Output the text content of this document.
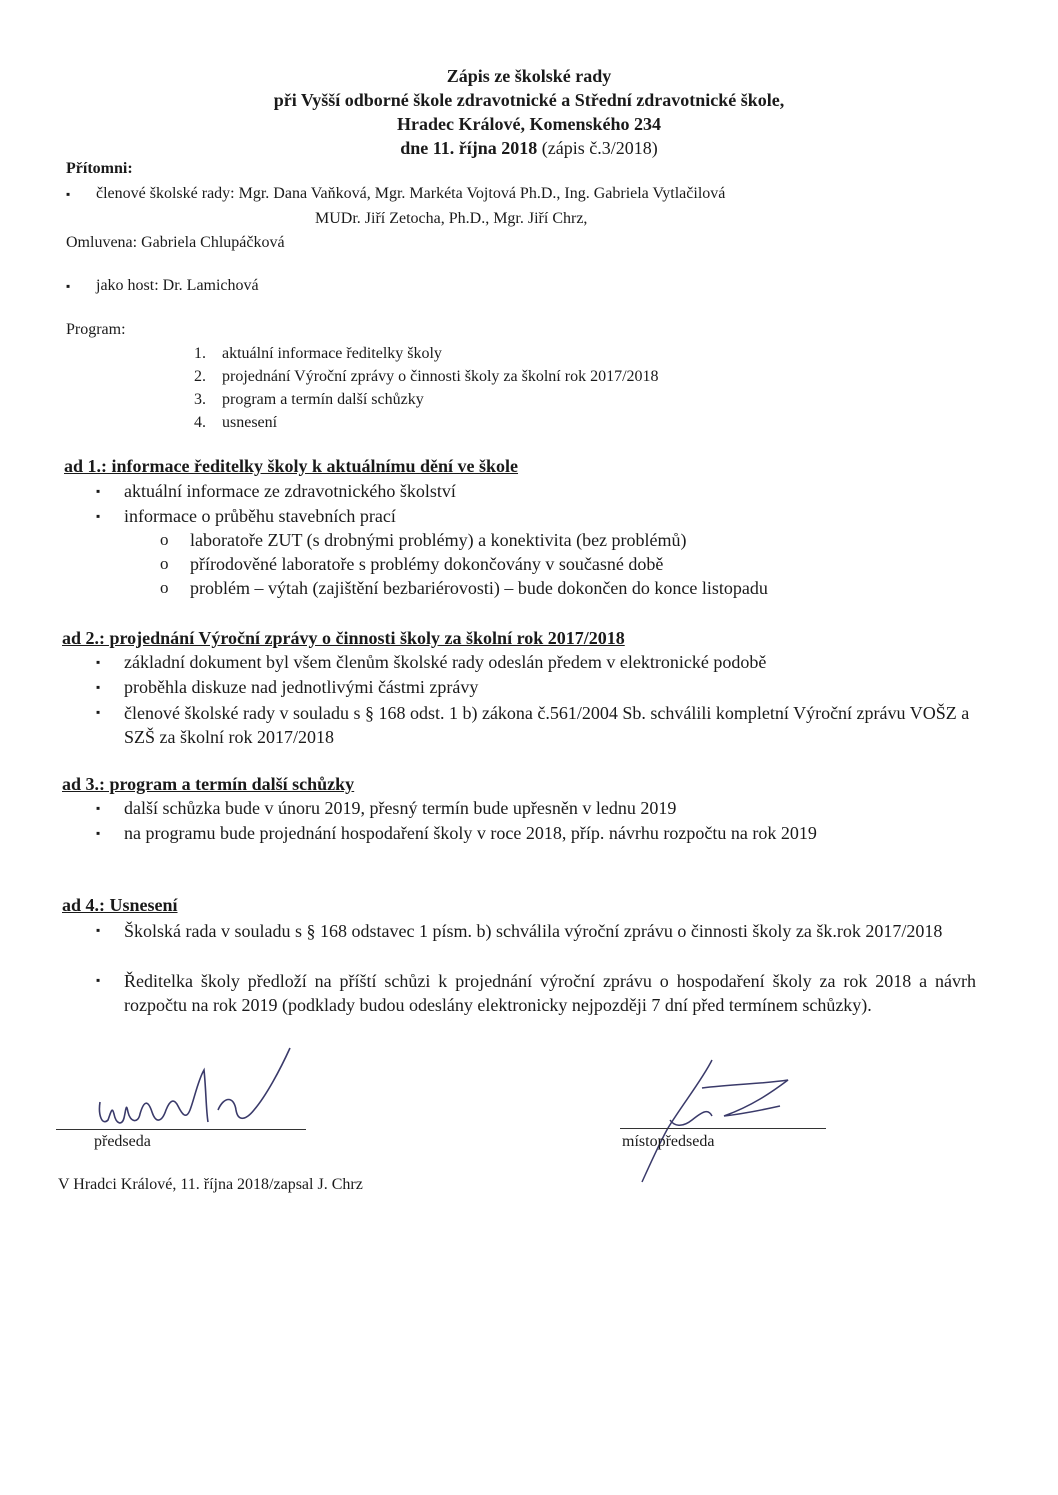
Zápis ze školské rady
při Vyšší odborné škole zdravotnické a Střední zdravotnické škole,
Hradec Králové, Komenského 234
dne 11. října 2018 (zápis č.3/2018)
Přítomni:
▪ členové školské rady: Mgr. Dana Vaňková, Mgr. Markéta Vojtová Ph.D., Ing. Gabriela Vytlačilová
MUDr. Jiří Zetocha, Ph.D., Mgr. Jiří Chrz,
Omluvena: Gabriela Chlupáčková
▪ jako host: Dr. Lamichová
Program:
1. aktuální informace ředitelky školy
2. projednání Výroční zprávy o činnosti školy za školní rok 2017/2018
3. program a termín další schůzky
4. usnesení
ad 1.: informace ředitelky školy k aktuálnímu dění ve škole
▪ aktuální informace ze zdravotnického školství
▪ informace o průběhu stavebních prací
o laboratoře ZUT (s drobnými problémy) a konektivita (bez problémů)
o přírodověné laboratoře s problémy dokončovány v současné době
o problém – výtah (zajištění bezbariérovosti) – bude dokončen do konce listopadu
ad 2.: projednání Výroční zprávy o činnosti školy za školní rok 2017/2018
▪ základní dokument byl všem členům školské rady odeslán předem v elektronické podobě
▪ proběhla diskuze nad jednotlivými částmi zprávy
▪ členové školské rady v souladu s § 168 odst. 1 b) zákona č.561/2004 Sb. schválili kompletní Výroční zprávu VOŠZ a SZŠ za školní rok 2017/2018
ad 3.: program a termín další schůzky
▪ další schůzka bude v únoru 2019, přesný termín bude upřesněn v lednu 2019
▪ na programu bude projednání hospodaření školy v roce 2018, příp. návrhu rozpočtu na rok 2019
ad 4.: Usnesení
▪ Školská rada v souladu s § 168 odstavec 1 písm. b) schválila výroční zprávu o činnosti školy za šk.rok 2017/2018
▪ Ředitelka školy předloží na příští schůzi k projednání výroční zprávu o hospodaření školy za rok 2018 a návrh rozpočtu na rok 2019 (podklady budou odeslány elektronicky nejpozději 7 dní před termínem schůzky).
předseda	místopředseda
V Hradci Králové, 11. října 2018/zapsal J. Chrz
